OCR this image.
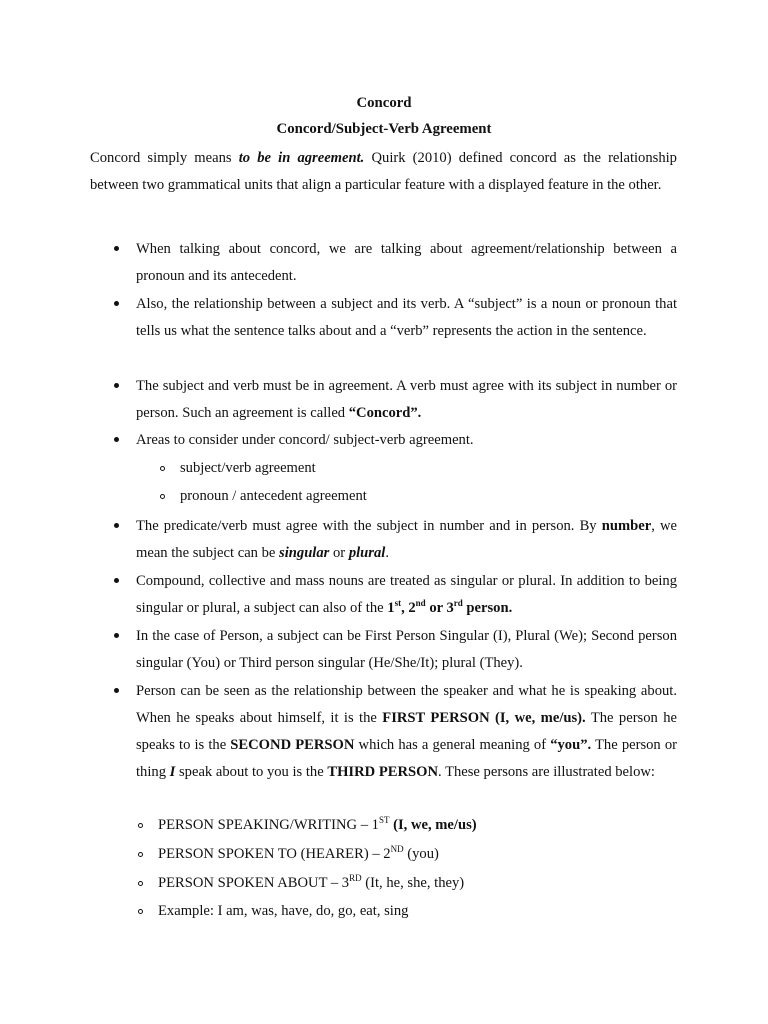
Concord
Concord/Subject-Verb Agreement
Concord simply means to be in agreement. Quirk (2010) defined concord as the relationship between two grammatical units that align a particular feature with a displayed feature in the other.
When talking about concord, we are talking about agreement/relationship between a pronoun and its antecedent.
Also, the relationship between a subject and its verb. A “subject” is a noun or pronoun that tells us what the sentence talks about and a “verb” represents the action in the sentence.
The subject and verb must be in agreement. A verb must agree with its subject in number or person. Such an agreement is called “Concord”.
Areas to consider under concord/ subject-verb agreement.
subject/verb agreement
pronoun / antecedent agreement
The predicate/verb must agree with the subject in number and in person. By number, we mean the subject can be singular or plural.
Compound, collective and mass nouns are treated as singular or plural. In addition to being singular or plural, a subject can also of the 1st, 2nd or 3rd person.
In the case of Person, a subject can be First Person Singular (I), Plural (We); Second person singular (You) or Third person singular (He/She/It); plural (They).
Person can be seen as the relationship between the speaker and what he is speaking about. When he speaks about himself, it is the FIRST PERSON (I, we, me/us). The person he speaks to is the SECOND PERSON which has a general meaning of “you”. The person or thing I speak about to you is the THIRD PERSON. These persons are illustrated below:
PERSON SPEAKING/WRITING – 1ST (I, we, me/us)
PERSON SPOKEN TO (HEARER) – 2ND (you)
PERSON SPOKEN ABOUT – 3RD (It, he, she, they)
Example: I am, was, have, do, go, eat, sing
